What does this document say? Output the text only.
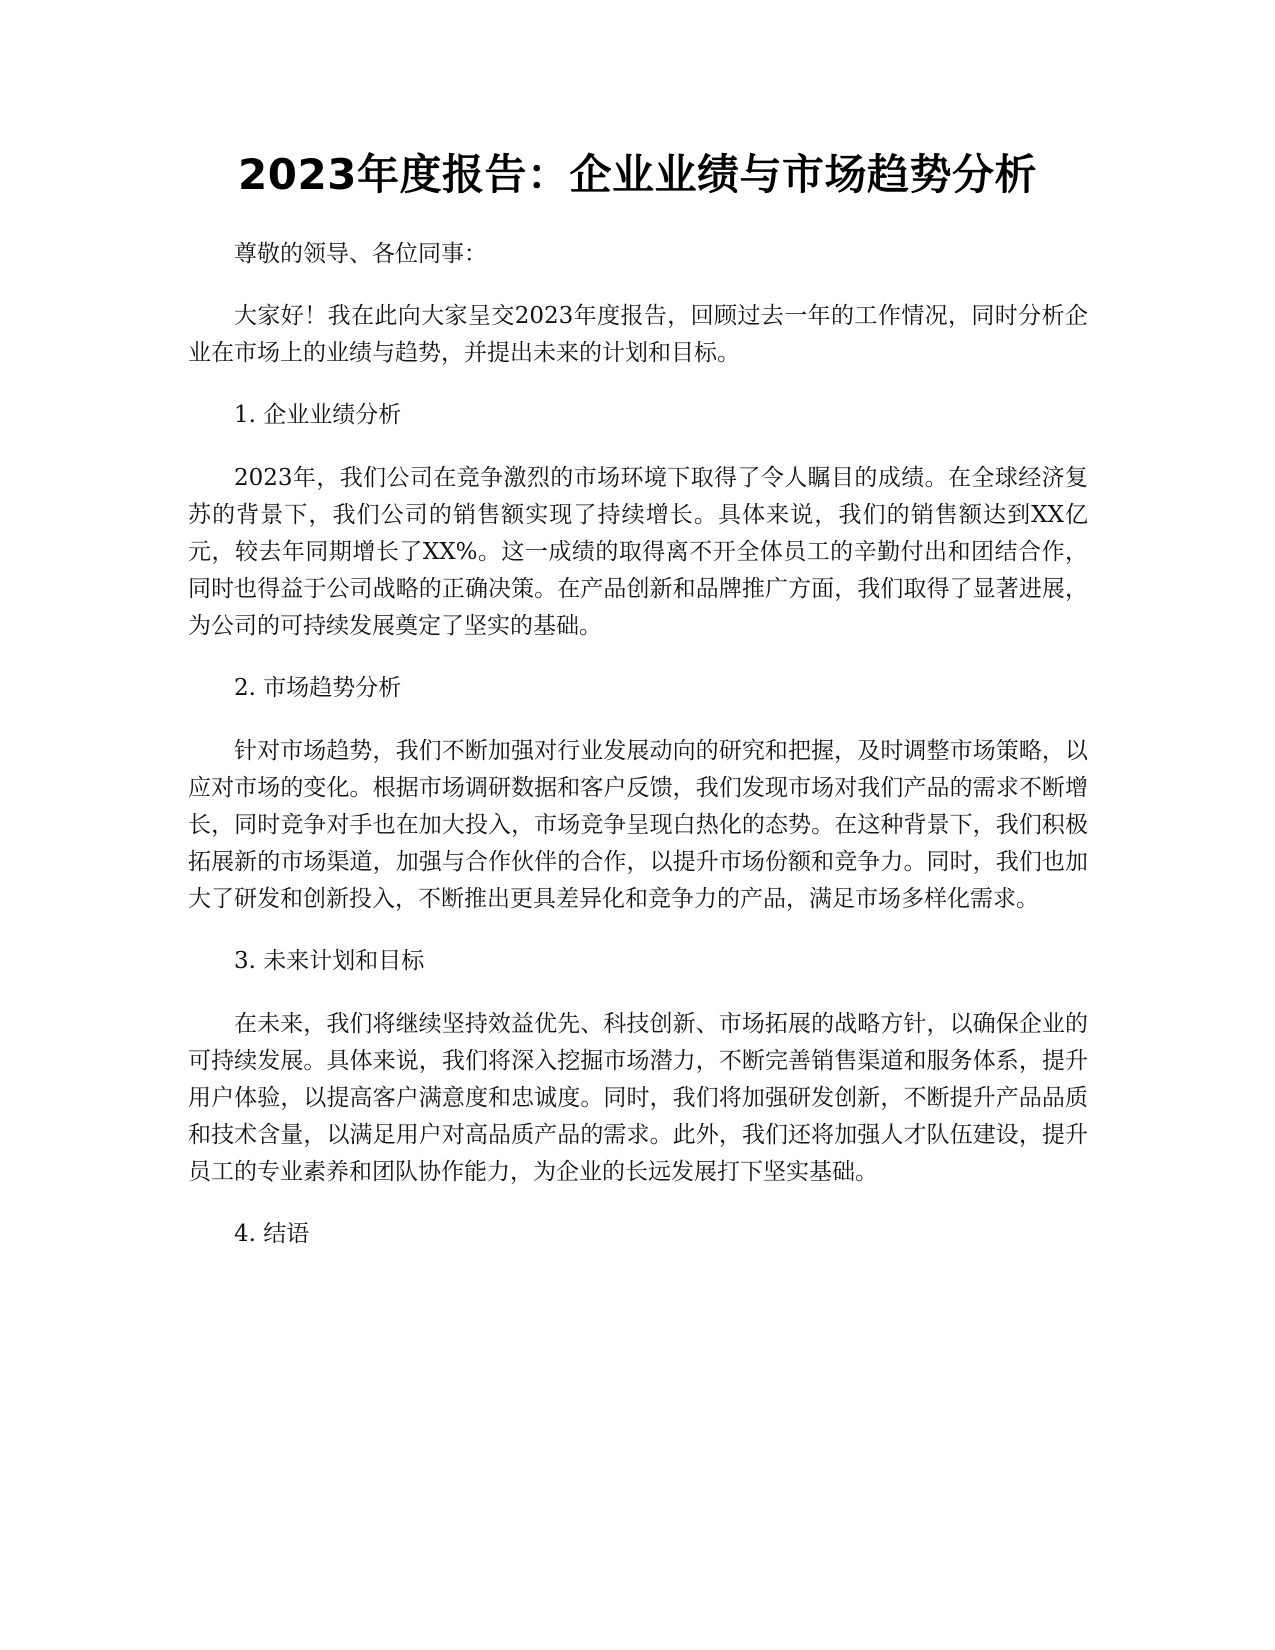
2023年度报告：企业业绩与市场趋势分析

尊敬的领导、各位同事：

大家好！我在此向大家呈交2023年度报告，回顾过去一年的工作情况，同时分析企业在市场上的业绩与趋势，并提出未来的计划和目标。

1. 企业业绩分析

2023年，我们公司在竞争激烈的市场环境下取得了令人瞩目的成绩。在全球经济复苏的背景下，我们公司的销售额实现了持续增长。具体来说，我们的销售额达到XX亿元，较去年同期增长了XX%。这一成绩的取得离不开全体员工的辛勤付出和团结合作，同时也得益于公司战略的正确决策。在产品创新和品牌推广方面，我们取得了显著进展，为公司的可持续发展奠定了坚实的基础。

2. 市场趋势分析

针对市场趋势，我们不断加强对行业发展动向的研究和把握，及时调整市场策略，以应对市场的变化。根据市场调研数据和客户反馈，我们发现市场对我们产品的需求不断增长，同时竞争对手也在加大投入，市场竞争呈现白热化的态势。在这种背景下，我们积极拓展新的市场渠道，加强与合作伙伴的合作，以提升市场份额和竞争力。同时，我们也加大了研发和创新投入，不断推出更具差异化和竞争力的产品，满足市场多样化需求。

3. 未来计划和目标

在未来，我们将继续坚持效益优先、科技创新、市场拓展的战略方针，以确保企业的可持续发展。具体来说，我们将深入挖掘市场潜力，不断完善销售渠道和服务体系，提升用户体验，以提高客户满意度和忠诚度。同时，我们将加强研发创新，不断提升产品品质和技术含量，以满足用户对高品质产品的需求。此外，我们还将加强人才队伍建设，提升员工的专业素养和团队协作能力，为企业的长远发展打下坚实基础。

4. 结语
